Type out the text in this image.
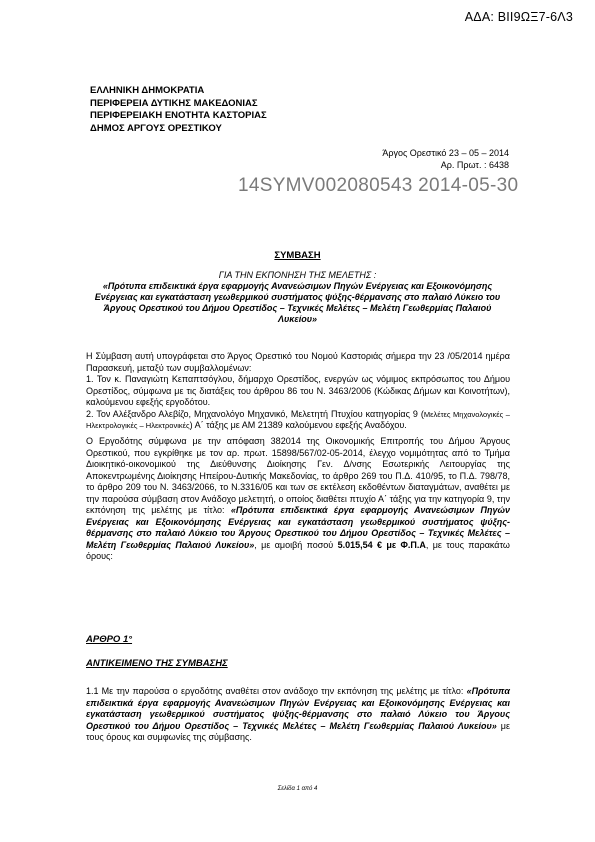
ΑΔΑ: ΒΙΙ9ΩΞ7-6Λ3
ΕΛΛΗΝΙΚΗ ΔΗΜΟΚΡΑΤΙΑ
ΠΕΡΙΦΕΡΕΙΑ ΔΥΤΙΚΗΣ ΜΑΚΕΔΟΝΙΑΣ
ΠΕΡΙΦΕΡΕΙΑΚΗ ΕΝΟΤΗΤΑ ΚΑΣΤΟΡΙΑΣ
ΔΗΜΟΣ ΑΡΓΟΥΣ ΟΡΕΣΤΙΚΟΥ
Άργος Ορεστικό 23 – 05 – 2014
Αρ. Πρωτ. : 6438
14SYMV002080543 2014-05-30
ΣΥΜΒΑΣΗ
ΓΙΑ ΤΗΝ ΕΚΠΟΝΗΣΗ ΤΗΣ ΜΕΛΕΤΗΣ :
«Πρότυπα επιδεικτικά έργα εφαρμογής Ανανεώσιμων Πηγών Ενέργειας και Εξοικονόμησης Ενέργειας και εγκατάσταση γεωθερμικού συστήματος ψύξης-θέρμανσης στο παλαιό Λύκειο του Άργους Ορεστικού του Δήμου Ορεστίδος – Τεχνικές Μελέτες – Μελέτη Γεωθερμίας Παλαιού Λυκείου»

Η Σύμβαση αυτή υπογράφεται στο Άργος Ορεστικό του Νομού Καστοριάς σήμερα την 23 /05/2014 ημέρα Παρασκευή, μεταξύ των συμβαλλομένων:

1. Τον κ. Παναγιώτη Κεπαπτσόγλου, δήμαρχο Ορεστίδος, ενεργών ως νόμιμος εκπρόσωπος του Δήμου Ορεστίδος, σύμφωνα με τις διατάξεις του άρθρου 86 του Ν. 3463/2006 (Κώδικας Δήμων και Κοινοτήτων), καλούμενου εφεξής εργοδότου.

2. Τον Αλέξανδρο Αλεβίζο, Μηχανολόγο Μηχανικό, Μελετητή Πτυχίου κατηγορίας 9 (Μελέτες Μηχανολογικές – Ηλεκτρολογικές – Ηλεκτρονικές) Α΄ τάξης με ΑΜ 21389 καλούμενου εφεξής Αναδόχου.

Ο Εργοδότης σύμφωνα με την απόφαση 382014 της Οικονομικής Επιτροπής του Δήμου Άργους Ορεστικού, που εγκρίθηκε με τον αρ. πρωτ. 15898/567/02-05-2014, έλεγχο νομιμότητας από το Τμήμα Διοικητικό-οικονομικού της Διεύθυνσης Διοίκησης Γεν. Δ/νσης Εσωτερικής Λειτουργίας της Αποκεντρωμένης Διοίκησης Ηπείρου-Δυτικής Μακεδονίας, το άρθρο 269 του Π.Δ. 410/95, το Π.Δ. 798/78, το άρθρο 209 του Ν. 3463/2066, το Ν.3316/05 και των σε εκτέλεση εκδοθέντων διαταγμάτων, αναθέτει με την παρούσα σύμβαση στον Ανάδοχο μελετητή, ο οποίος διαθέτει πτυχίο Α΄ τάξης για την κατηγορία 9, την εκπόνηση της μελέτης με τίτλο: «Πρότυπα επιδεικτικά έργα εφαρμογής Ανανεώσιμων Πηγών Ενέργειας και Εξοικονόμησης Ενέργειας και εγκατάσταση γεωθερμικού συστήματος ψύξης-θέρμανσης στο παλαιό Λύκειο του Άργους Ορεστικού του Δήμου Ορεστίδος – Τεχνικές Μελέτες – Μελέτη Γεωθερμίας Παλαιού Λυκείου», με αμοιβή ποσού 5.015,54 € με Φ.Π.Α, με τους παρακάτω όρους:

ΑΡΘΡΟ 1°
ΑΝΤΙΚΕΙΜΕΝΟ ΤΗΣ ΣΥΜΒΑΣΗΣ

1.1 Με την παρούσα ο εργοδότης αναθέτει στον ανάδοχο την εκπόνηση της μελέτης με τίτλο: «Πρότυπα επιδεικτικά έργα εφαρμογής Ανανεώσιμων Πηγών Ενέργειας και Εξοικονόμησης Ενέργειας και εγκατάσταση γεωθερμικού συστήματος ψύξης-θέρμανσης στο παλαιό Λύκειο του Άργους Ορεστικού του Δήμου Ορεστίδος – Τεχνικές Μελέτες – Μελέτη Γεωθερμίας Παλαιού Λυκείου» με τους όρους και συμφωνίες της σύμβασης.

Σελίδα 1 από 4
